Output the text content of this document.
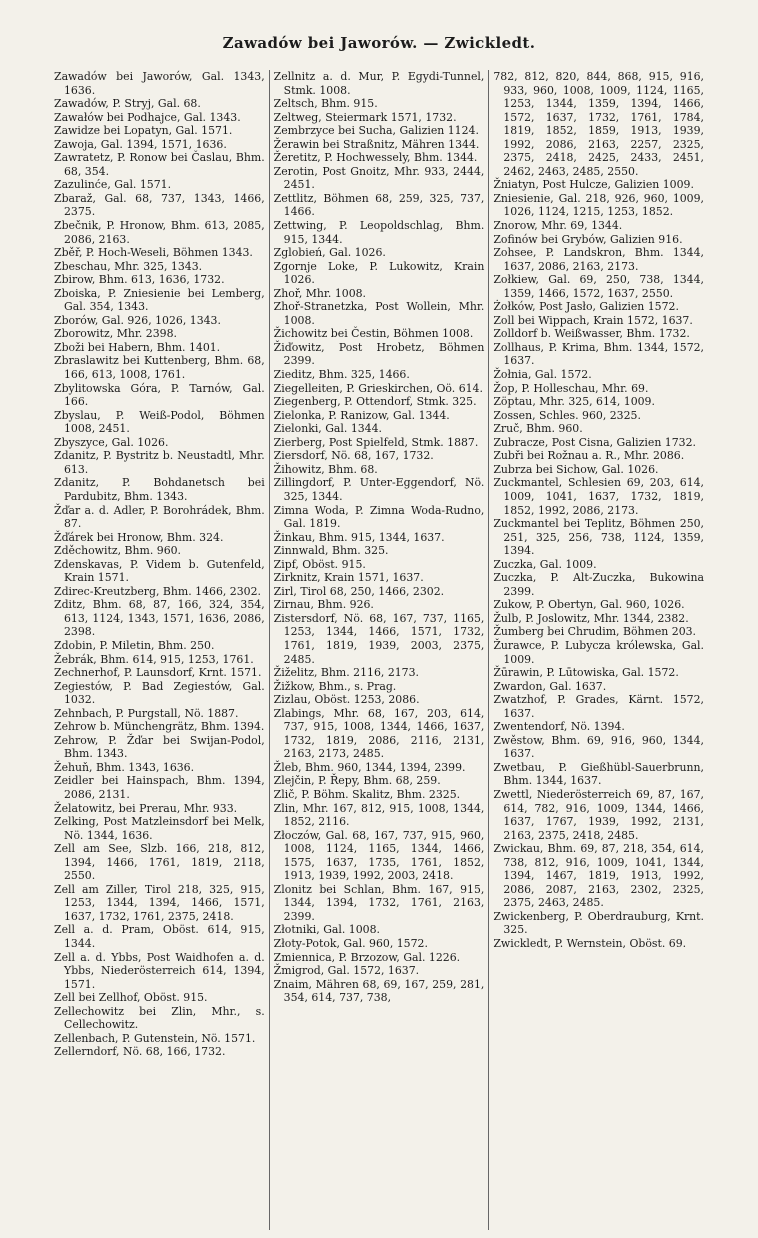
Zawadów bei Jaworów. — Zwickledt.
Zawadów bei Jaworów, Gal. 1343, 1636.
Zawadów, P. Stryj, Gal. 68.
Zawałów bei Podhajce, Gal. 1343.
Zawidze bei Lopatyn, Gal. 1571.
Zawoja, Gal. 1394, 1571, 1636.
Zawratetz, P. Ronow bei Časlau, Bhm. 68, 354.
Zazulinće, Gal. 1571.
Zbaraž, Gal. 68, 737, 1343, 1466, 2375.
Zbečnik, P. Hronow, Bhm. 613, 2085, 2086, 2163.
Zběř, P. Hoch-Weseli, Böhmen 1343.
Zbeschau, Mhr. 325, 1343.
Zbirow, Bhm. 613, 1636, 1732.
Zboiska, P. Zniesienie bei Lemberg, Gal. 354, 1343.
Zborów, Gal. 926, 1026, 1343.
Zborowitz, Mhr. 2398.
Zboži bei Habern, Bhm. 1401.
Zbraslawitz bei Kuttenberg, Bhm. 68, 166, 613, 1008, 1761.
Zbylitowska Góra, P. Tarnów, Gal. 166.
Zbyslau, P. Weiß-Podol, Böhmen 1008, 2451.
Zbyszyce, Gal. 1026.
Zdanitz, P. Bystritz b. Neustadtl, Mhr. 613.
Zdanitz, P. Bohdanetsch bei Pardubitz, Bhm. 1343.
Žďar a. d. Adler, P. Borohrádek, Bhm. 87.
Žďárek bei Hronow, Bhm. 324.
Zděchowitz, Bhm. 960.
Zdenskavas, P. Videm b. Gutenfeld, Krain 1571.
Zdirec-Kreutzberg, Bhm. 1466, 2302.
Zditz, Bhm. 68, 87, 166, 324, 354, 613, 1124, 1343, 1571, 1636, 2086, 2398.
Zdobin, P. Miletin, Bhm. 250.
Žebrák, Bhm. 614, 915, 1253, 1761.
Zechnerhof, P. Launsdorf, Krnt. 1571.
Zegiestów, P. Bad Zegiestów, Gal. 1032.
Zehnbach, P. Purgstall, Nö. 1887.
Zehrow b. Münchengrätz, Bhm. 1394.
Zehrow, P. Žďar bei Swijan-Podol, Bhm. 1343.
Žehuň, Bhm. 1343, 1636.
Zeidler bei Hainspach, Bhm. 1394, 2086, 2131.
Želatowitz, bei Prerau, Mhr. 933.
Zelking, Post Matzleinsdorf bei Melk, Nö. 1344, 1636.
Zell am See, Slzb. 166, 218, 812, 1394, 1466, 1761, 1819, 2118, 2550.
Zell am Ziller, Tirol 218, 325, 915, 1253, 1344, 1394, 1466, 1571, 1637, 1732, 1761, 2375, 2418.
Zell a. d. Pram, Oböst. 614, 915, 1344.
Zell a. d. Ybbs, Post Waidhofen a. d. Ybbs, Niederösterreich 614, 1394, 1571.
Zell bei Zellhof, Oböst. 915.
Zellechowitz bei Zlin, Mhr., s. Cellechowitz.
Zellenbach, P. Gutenstein, Nö. 1571.
Zellerndorf, Nö. 68, 166, 1732.
Zellnitz a. d. Mur, P. Egydi-Tunnel, Stmk. 1008.
Zeltsch, Bhm. 915.
Zeltweg, Steiermark 1571, 1732.
Zembrzyce bei Sucha, Galizien 1124.
Žerawin bei Straßnitz, Mähren 1344.
Žeretitz, P. Hochwessely, Bhm. 1344.
Zerotin, Post Gnoitz, Mhr. 933, 2444, 2451.
Zettlitz, Böhmen 68, 259, 325, 737, 1466.
Zettwing, P. Leopoldschlag, Bhm. 915, 1344.
Zglobień, Gal. 1026.
Zgornje Loke, P. Lukowitz, Krain 1026.
Zhoř, Mhr. 1008.
Zhoř-Stranetzka, Post Wollein, Mhr. 1008.
Žichowitz bei Čestin, Böhmen 1008.
Žiďowitz, Post Hrobetz, Böhmen 2399.
Zieditz, Bhm. 325, 1466.
Ziegelleiten, P. Grieskirchen, Oö. 614.
Ziegenberg, P. Ottendorf, Stmk. 325.
Zielonka, P. Ranizow, Gal. 1344.
Zielonki, Gal. 1344.
Zierberg, Post Spielfeld, Stmk. 1887.
Ziersdorf, Nö. 68, 167, 1732.
Žihowitz, Bhm. 68.
Zillingdorf, P. Unter-Eggendorf, Nö. 325, 1344.
Zimna Woda, P. Zimna Woda-Rudno, Gal. 1819.
Žinkau, Bhm. 915, 1344, 1637.
Zinnwald, Bhm. 325.
Zipf, Oböst. 915.
Zirknitz, Krain 1571, 1637.
Zirl, Tirol 68, 250, 1466, 2302.
Zirnau, Bhm. 926.
Zistersdorf, Nö. 68, 167, 737, 1165, 1253, 1344, 1466, 1571, 1732, 1761, 1819, 1939, 2003, 2375, 2485.
Žiželitz, Bhm. 2116, 2173.
Žižkow, Bhm., s. Prag.
Zizlau, Oböst. 1253, 2086.
Zlabings, Mhr. 68, 167, 203, 614, 737, 915, 1008, 1344, 1466, 1637, 1732, 1819, 2086, 2116, 2131, 2163, 2173, 2485.
Žleb, Bhm. 960, 1344, 1394, 2399.
Zlejčin, P. Řepy, Bhm. 68, 259.
Zlič, P. Böhm. Skalitz, Bhm. 2325.
Zlin, Mhr. 167, 812, 915, 1008, 1344, 1852, 2116.
Złoczów, Gal. 68, 167, 737, 915, 960, 1008, 1124, 1165, 1344, 1466, 1575, 1637, 1735, 1761, 1852, 1913, 1939, 1992, 2003, 2418.
Zlonitz bei Schlan, Bhm. 167, 915, 1344, 1394, 1732, 1761, 2163, 2399.
Złotniki, Gal. 1008.
Złoty-Potok, Gal. 960, 1572.
Zmiennica, P. Brzozow, Gal. 1226.
Žmigrod, Gal. 1572, 1637.
Znaim, Mähren 68, 69, 167, 259, 281, 354, 614, 737, 738,
782, 812, 820, 844, 868, 915, 916, 933, 960, 1008, 1009, 1124, 1165, 1253, 1344, 1359, 1394, 1466, 1572, 1637, 1732, 1761, 1784, 1819, 1852, 1859, 1913, 1939, 1992, 2086, 2163, 2257, 2325, 2375, 2418, 2425, 2433, 2451, 2462, 2463, 2485, 2550.
Žniatyn, Post Hulcze, Galizien 1009.
Zniesienie, Gal. 218, 926, 960, 1009, 1026, 1124, 1215, 1253, 1852.
Znorow, Mhr. 69, 1344.
Zofinów bei Grybów, Galizien 916.
Zohsee, P. Landskron, Bhm. 1344, 1637, 2086, 2163, 2173.
Zołkiew, Gal. 69, 250, 738, 1344, 1359, 1466, 1572, 1637, 2550.
Żołków, Post Jasło, Galizien 1572.
Zoll bei Wippach, Krain 1572, 1637.
Zolldorf b. Weißwasser, Bhm. 1732.
Zollhaus, P. Krima, Bhm. 1344, 1572, 1637.
Žołnia, Gal. 1572.
Žop, P. Holleschau, Mhr. 69.
Zöptau, Mhr. 325, 614, 1009.
Zossen, Schles. 960, 2325.
Zruč, Bhm. 960.
Zubracze, Post Cisna, Galizien 1732.
Zubři bei Rožnau a. R., Mhr. 2086.
Zubrza bei Sichow, Gal. 1026.
Zuckmantel, Schlesien 69, 203, 614, 1009, 1041, 1637, 1732, 1819, 1852, 1992, 2086, 2173.
Zuckmantel bei Teplitz, Böhmen 250, 251, 325, 256, 738, 1124, 1359, 1394.
Zuczka, Gal. 1009.
Zuczka, P. Alt-Zuczka, Bukowina 2399.
Zukow, P. Obertyn, Gal. 960, 1026.
Žulb, P. Joslowitz, Mhr. 1344, 2382.
Žumberg bei Chrudim, Böhmen 203.
Žurawce, P. Lubycza królewska, Gal. 1009.
Žūrawin, P. Lūtowiska, Gal. 1572.
Zwardon, Gal. 1637.
Zwatzhof, P. Grades, Kärnt. 1572, 1637.
Zwentendorf, Nö. 1394.
Zwěstow, Bhm. 69, 916, 960, 1344, 1637.
Zwetbau, P. Gießhübl-Sauerbrunn, Bhm. 1344, 1637.
Zwettl, Niederösterreich 69, 87, 167, 614, 782, 916, 1009, 1344, 1466, 1637, 1767, 1939, 1992, 2131, 2163, 2375, 2418, 2485.
Zwickau, Bhm. 69, 87, 218, 354, 614, 738, 812, 916, 1009, 1041, 1344, 1394, 1467, 1819, 1913, 1992, 2086, 2087, 2163, 2302, 2325, 2375, 2463, 2485.
Zwickenberg, P. Oberdrauburg, Krnt. 325.
Zwickledt, P. Wernstein, Oböst. 69.
